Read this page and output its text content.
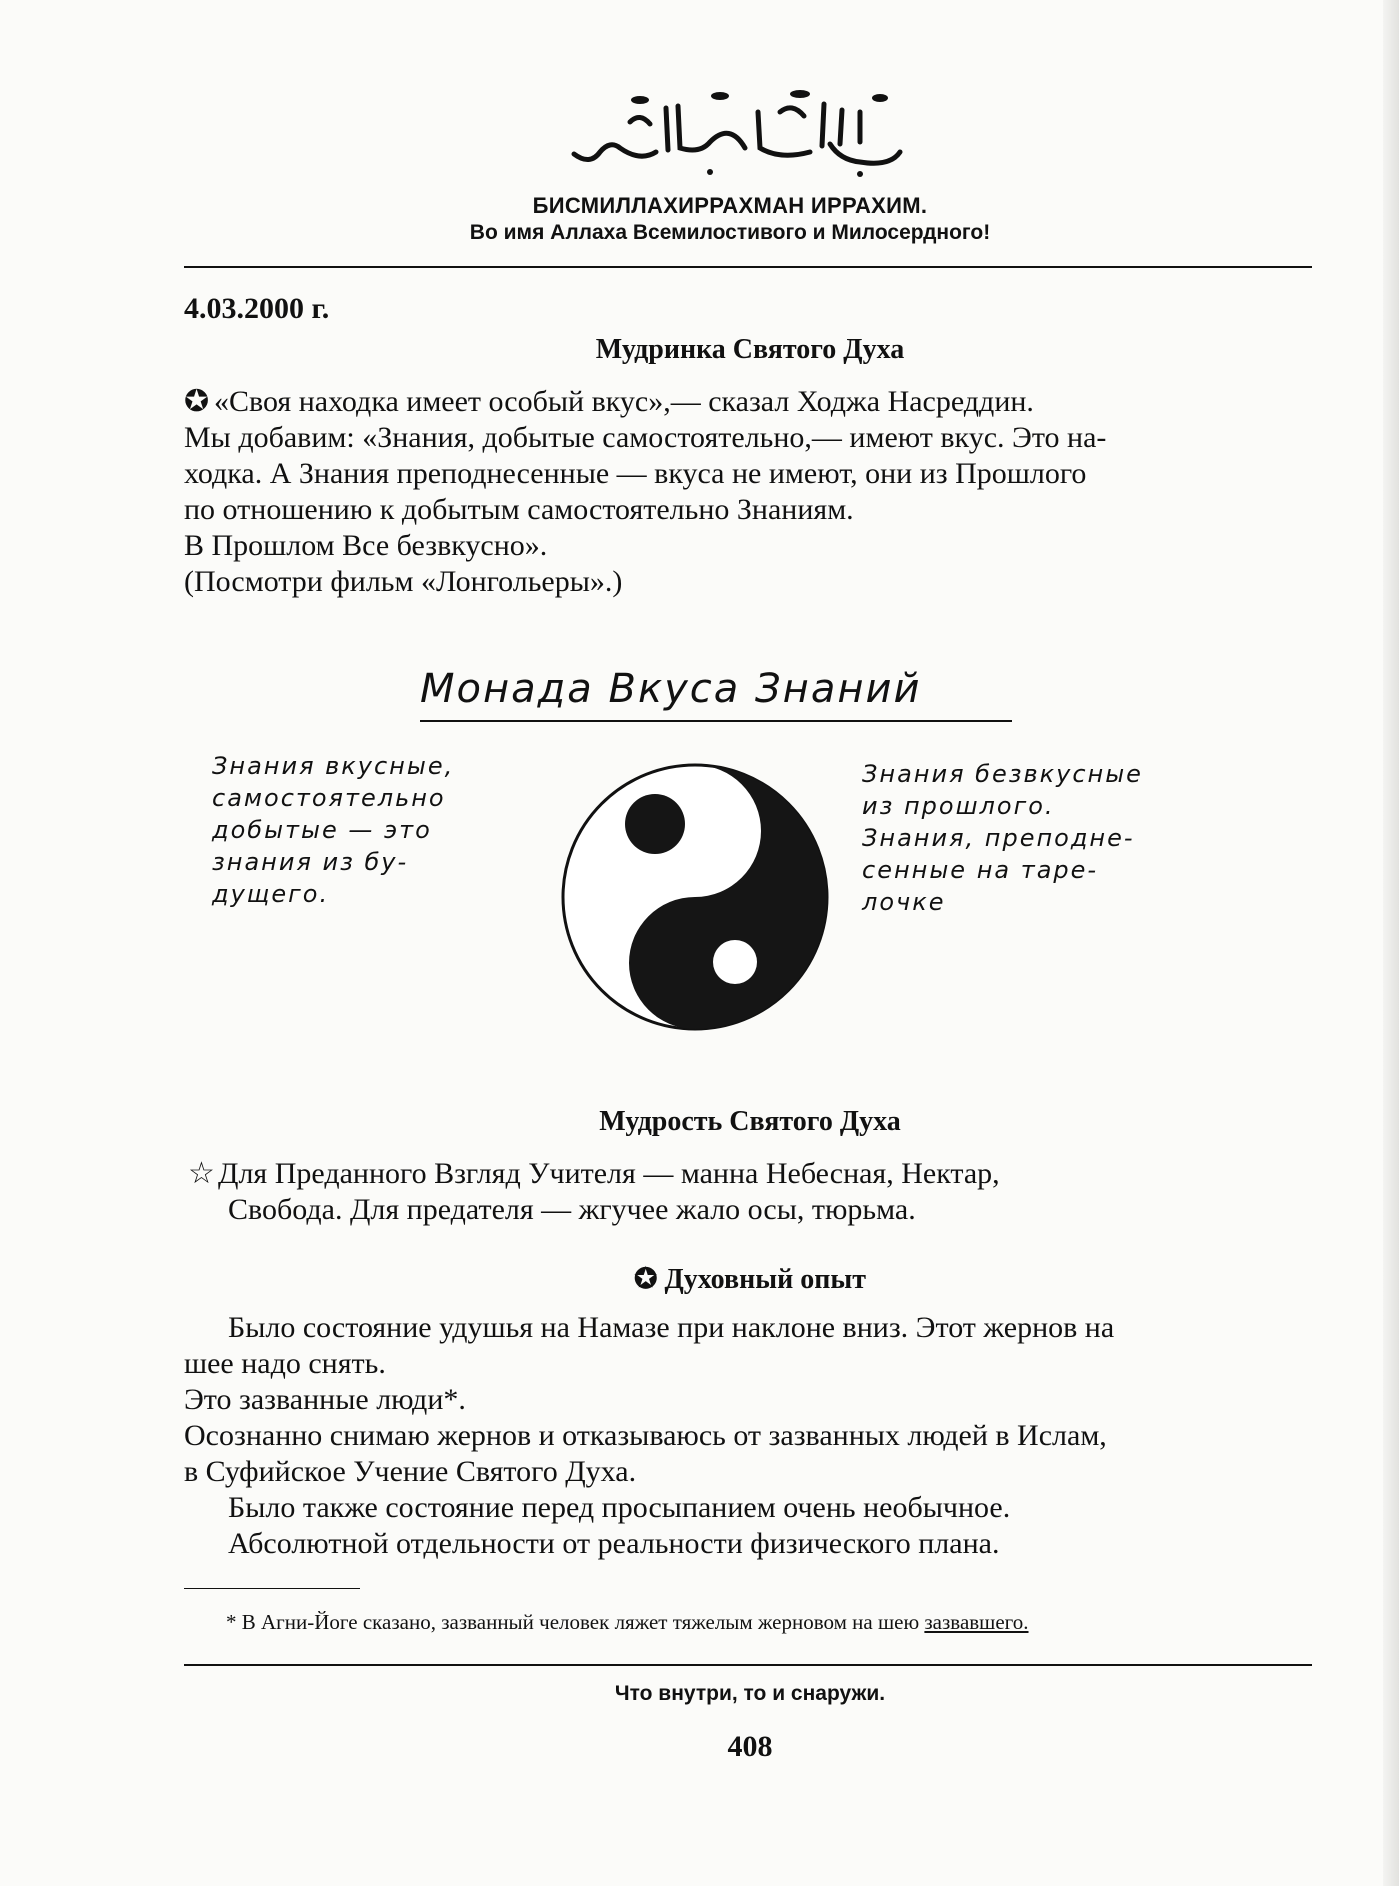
БИСМИЛЛАХИРРАХМАН ИРРАХИМ.
Во имя Аллаха Всемилостивого и Милосердного!
4.03.2000 г.
Мудринка Святого Духа

✪ «Своя находка имеет особый вкус»,— сказал Ходжа Насреддин.

Мы добавим: «Знания, добытые самостоятельно,— имеют вкус. Это на-

ходка. А Знания преподнесенные — вкуса не имеют, они из Прошлого

по отношению к добытым самостоятельно Знаниям.

В Прошлом Все безвкусно».

(Посмотри фильм «Лонгольеры».)

Монада Вкуса Знаний

Знания вкусные,

самостоятельно

добытые — это

знания из бу-

дущего.

Знания безвкусные

из прошлого.

Знания, преподне-

сенные на таре-

лочке

Мудрость Святого Духа

☆ Для Преданного Взгляд Учителя — манна Небесная, Нектар,

Свобода. Для предателя — жгучее жало осы, тюрьма.

✪ Духовный опыт

Было состояние удушья на Намазе при наклоне вниз. Этот жернов на

шее надо снять.

Это зазванные люди*.

Осознанно снимаю жернов и отказываюсь от зазванных людей в Ислам,

в Суфийское Учение Святого Духа.

Было также состояние перед просыпанием очень необычное.

Абсолютной отдельности от реальности физического плана.

* В Агни-Йоге сказано, зазванный человек ляжет тяжелым жерновом на шею зазвавшего.
Что внутри, то и снаружи.
408
